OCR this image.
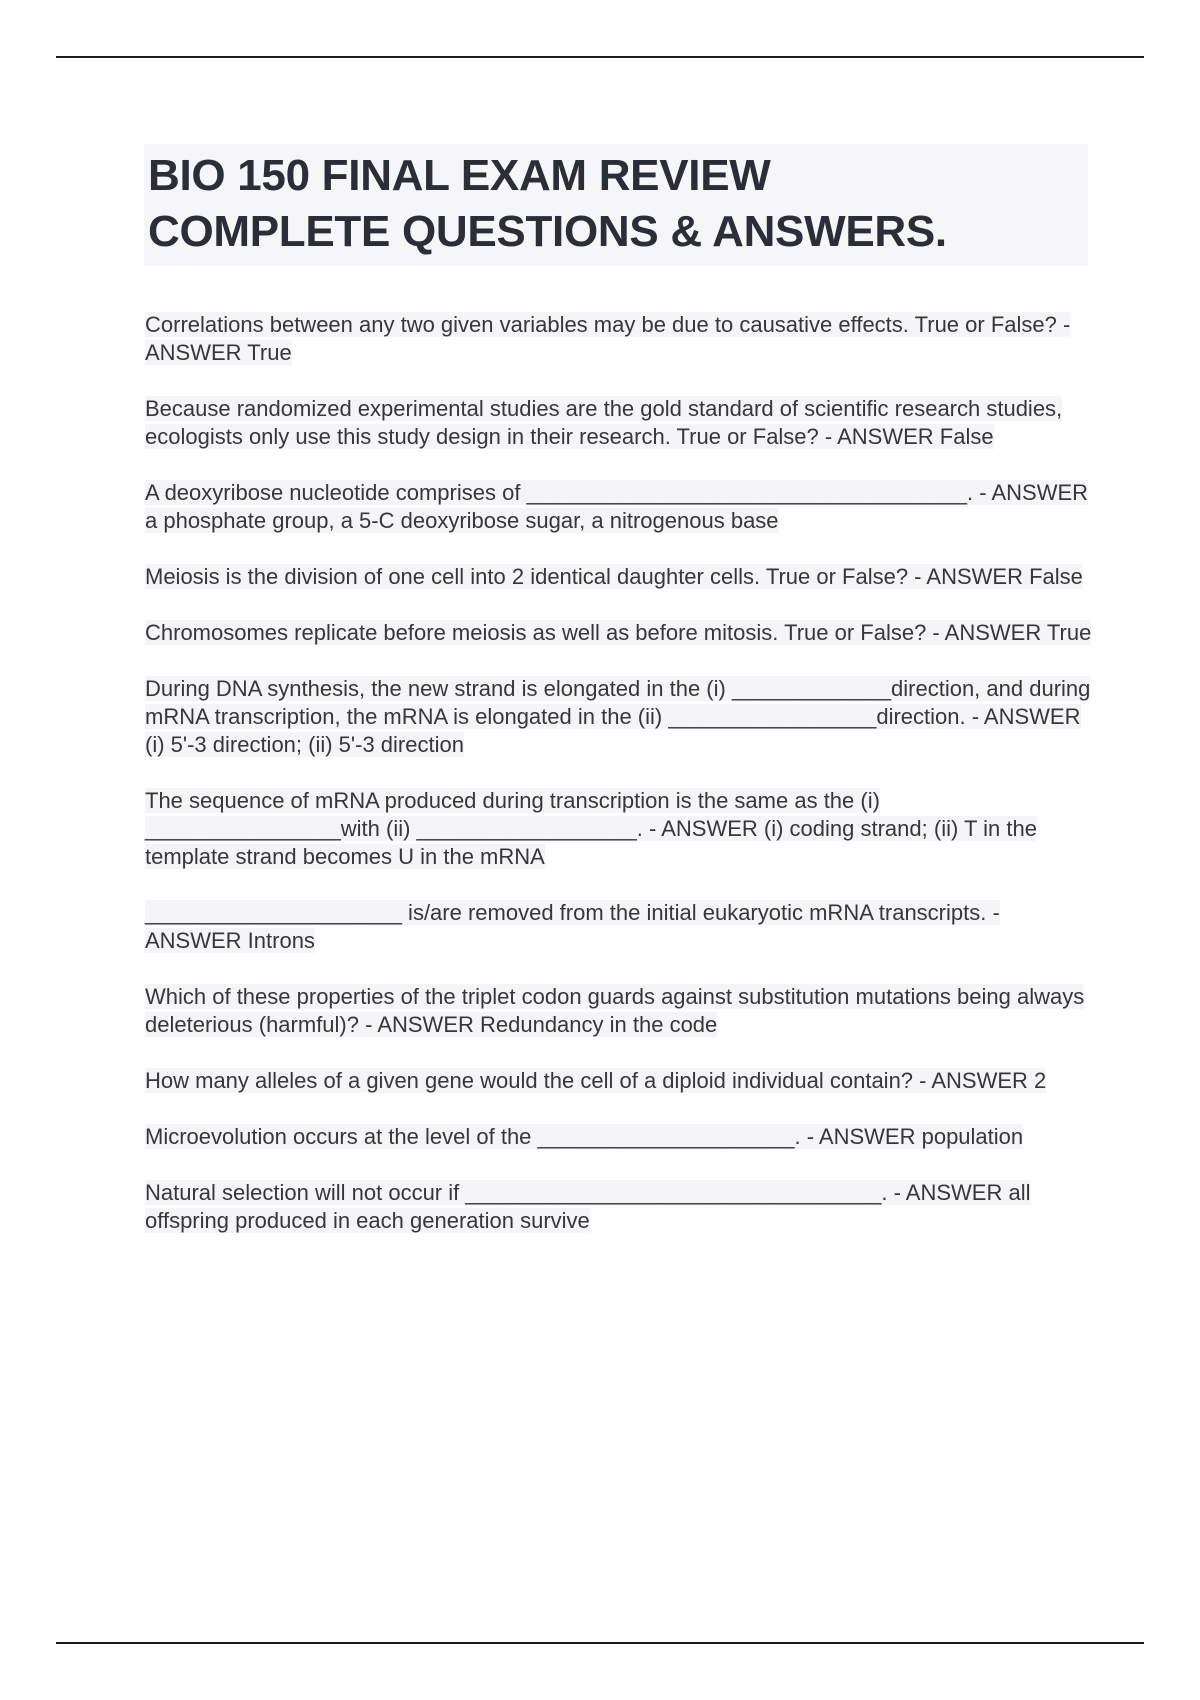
BIO 150 FINAL EXAM REVIEW
COMPLETE QUESTIONS & ANSWERS.

Correlations between any two given variables may be due to causative effects. True or False? - ANSWER True

Because randomized experimental studies are the gold standard of scientific research studies, ecologists only use this study design in their research. True or False? - ANSWER False

A deoxyribose nucleotide comprises of ____________________________________. - ANSWER a phosphate group, a 5-C deoxyribose sugar, a nitrogenous base

Meiosis is the division of one cell into 2 identical daughter cells. True or False? - ANSWER False

Chromosomes replicate before meiosis as well as before mitosis. True or False? - ANSWER True

During DNA synthesis, the new strand is elongated in the (i) _____________direction, and during mRNA transcription, the mRNA is elongated in the (ii) _________________direction. - ANSWER (i) 5'-3 direction; (ii) 5'-3 direction

The sequence of mRNA produced during transcription is the same as the (i) ________________with (ii) __________________. - ANSWER (i) coding strand; (ii) T in the template strand becomes U in the mRNA

_____________________ is/are removed from the initial eukaryotic mRNA transcripts. - ANSWER Introns

Which of these properties of the triplet codon guards against substitution mutations being always deleterious (harmful)? - ANSWER Redundancy in the code

How many alleles of a given gene would the cell of a diploid individual contain? - ANSWER 2

Microevolution occurs at the level of the _____________________. - ANSWER population

Natural selection will not occur if __________________________________. - ANSWER all offspring produced in each generation survive
